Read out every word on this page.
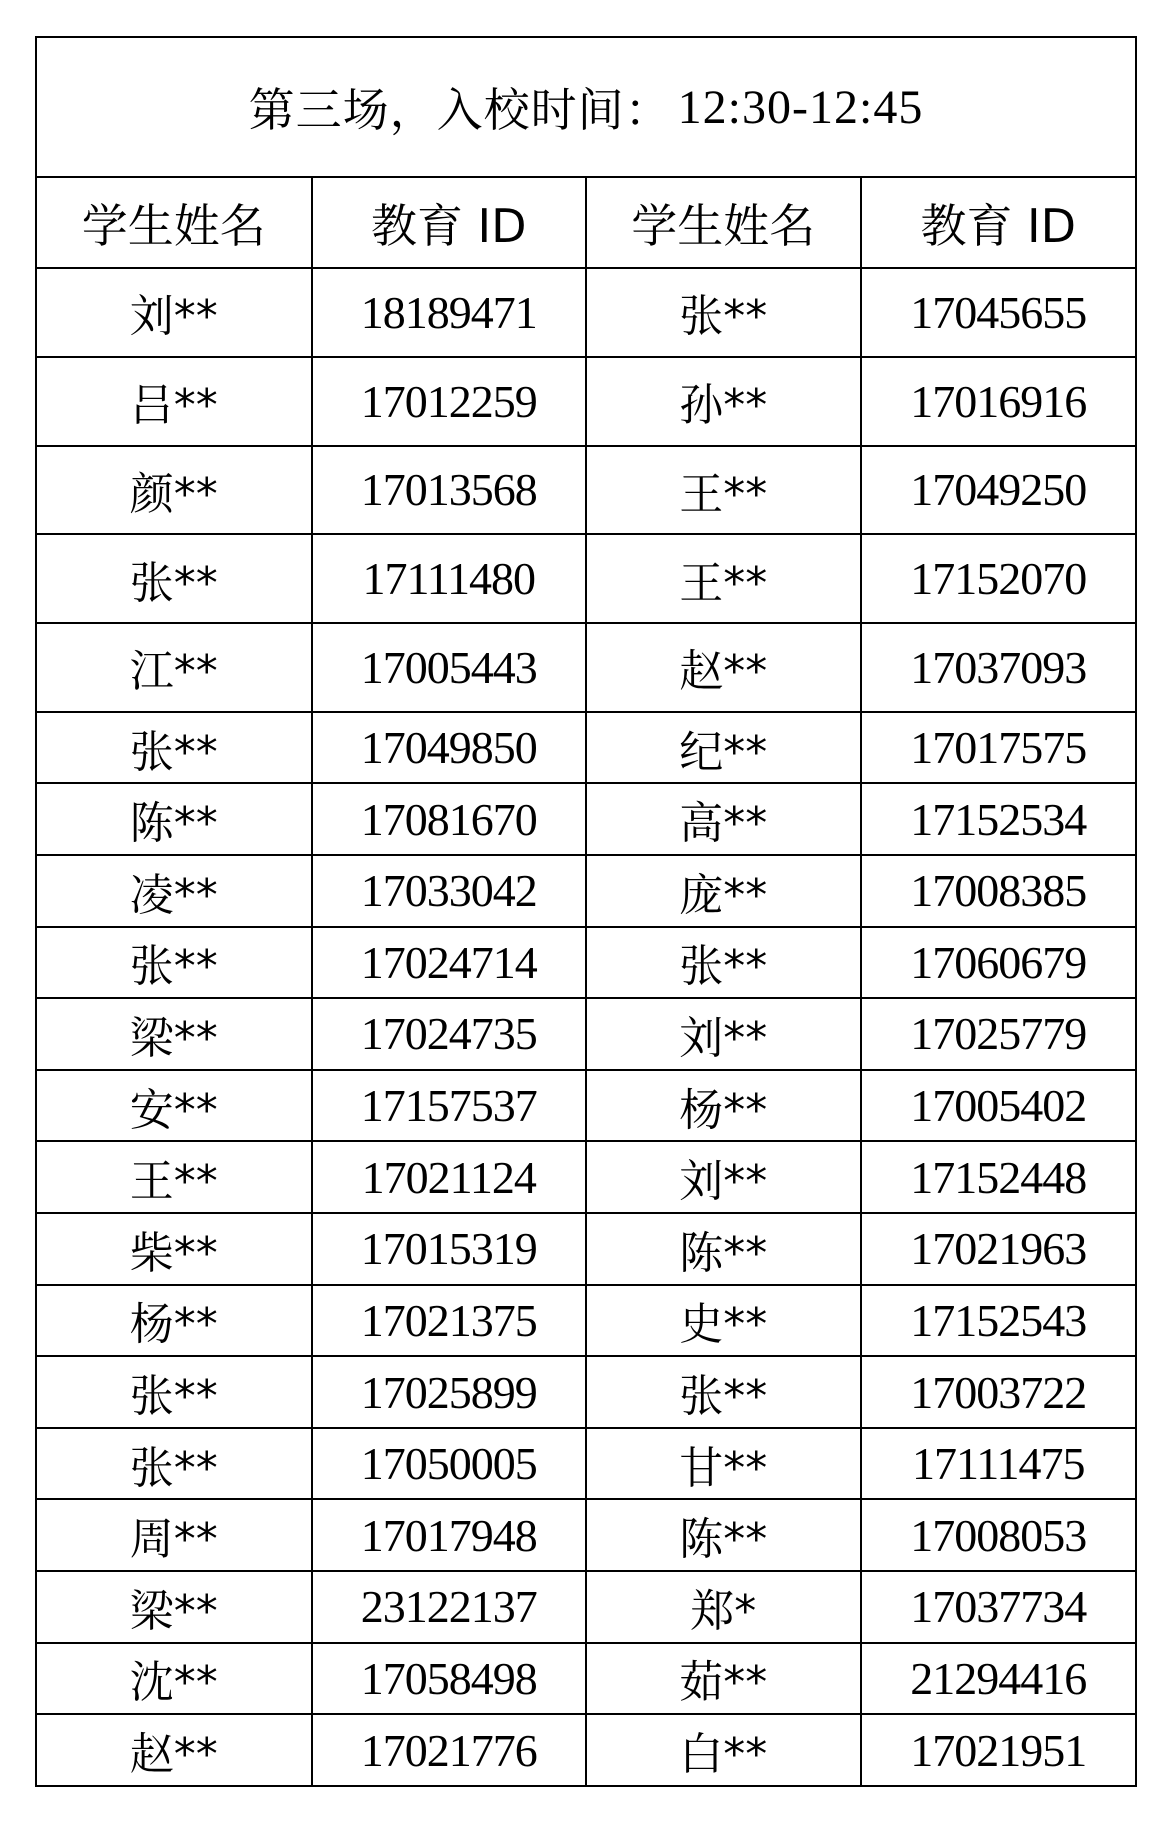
第三场，入校时间： 12:30-12:45
学生姓名	教育 ID	学生姓名	教育 ID
刘**	18189471	张**	17045655
吕**	17012259	孙**	17016916
颜**	17013568	王**	17049250
张**	17111480	王**	17152070
江**	17005443	赵**	17037093
张**	17049850	纪**	17017575
陈**	17081670	高**	17152534
凌**	17033042	庞**	17008385
张**	17024714	张**	17060679
梁**	17024735	刘**	17025779
安**	17157537	杨**	17005402
王**	17021124	刘**	17152448
柴**	17015319	陈**	17021963
杨**	17021375	史**	17152543
张**	17025899	张**	17003722
张**	17050005	甘**	17111475
周**	17017948	陈**	17008053
梁**	23122137	郑*	17037734
沈**	17058498	茹**	21294416
赵**	17021776	白**	17021951
